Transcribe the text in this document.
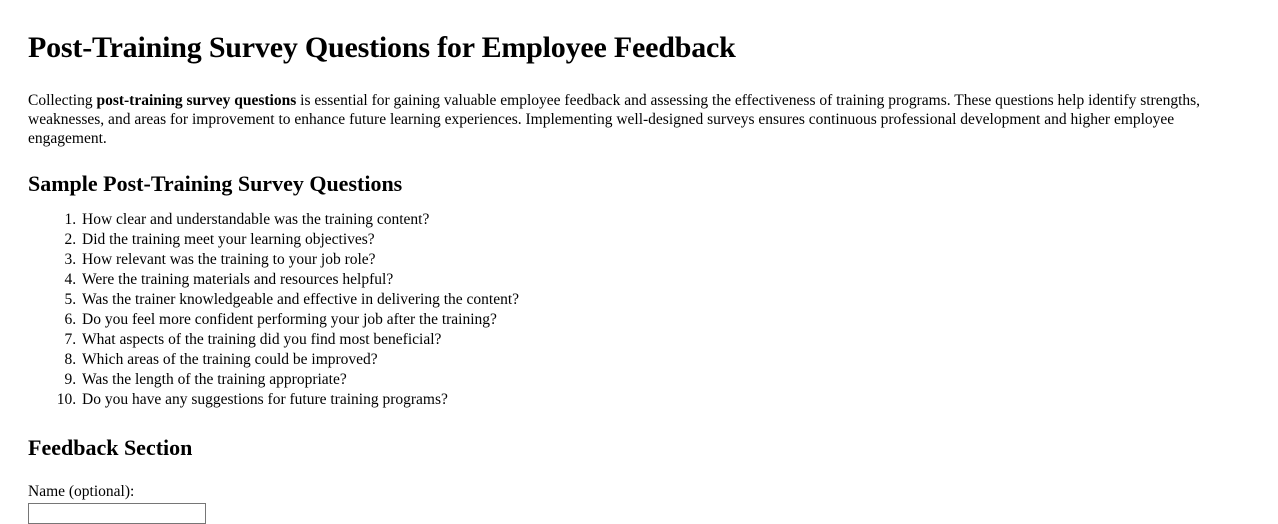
Post-Training Survey Questions for Employee Feedback

Collecting post-training survey questions is essential for gaining valuable employee feedback and assessing the effectiveness of training programs. These questions help identify strengths, weaknesses, and areas for improvement to enhance future learning experiences. Implementing well-designed surveys ensures continuous professional development and higher employee engagement.

Sample Post-Training Survey Questions
1. How clear and understandable was the training content?
2. Did the training meet your learning objectives?
3. How relevant was the training to your job role?
4. Were the training materials and resources helpful?
5. Was the trainer knowledgeable and effective in delivering the content?
6. Do you feel more confident performing your job after the training?
7. What aspects of the training did you find most beneficial?
8. Which areas of the training could be improved?
9. Was the length of the training appropriate?
10. Do you have any suggestions for future training programs?
Feedback Section
Name (optional):
